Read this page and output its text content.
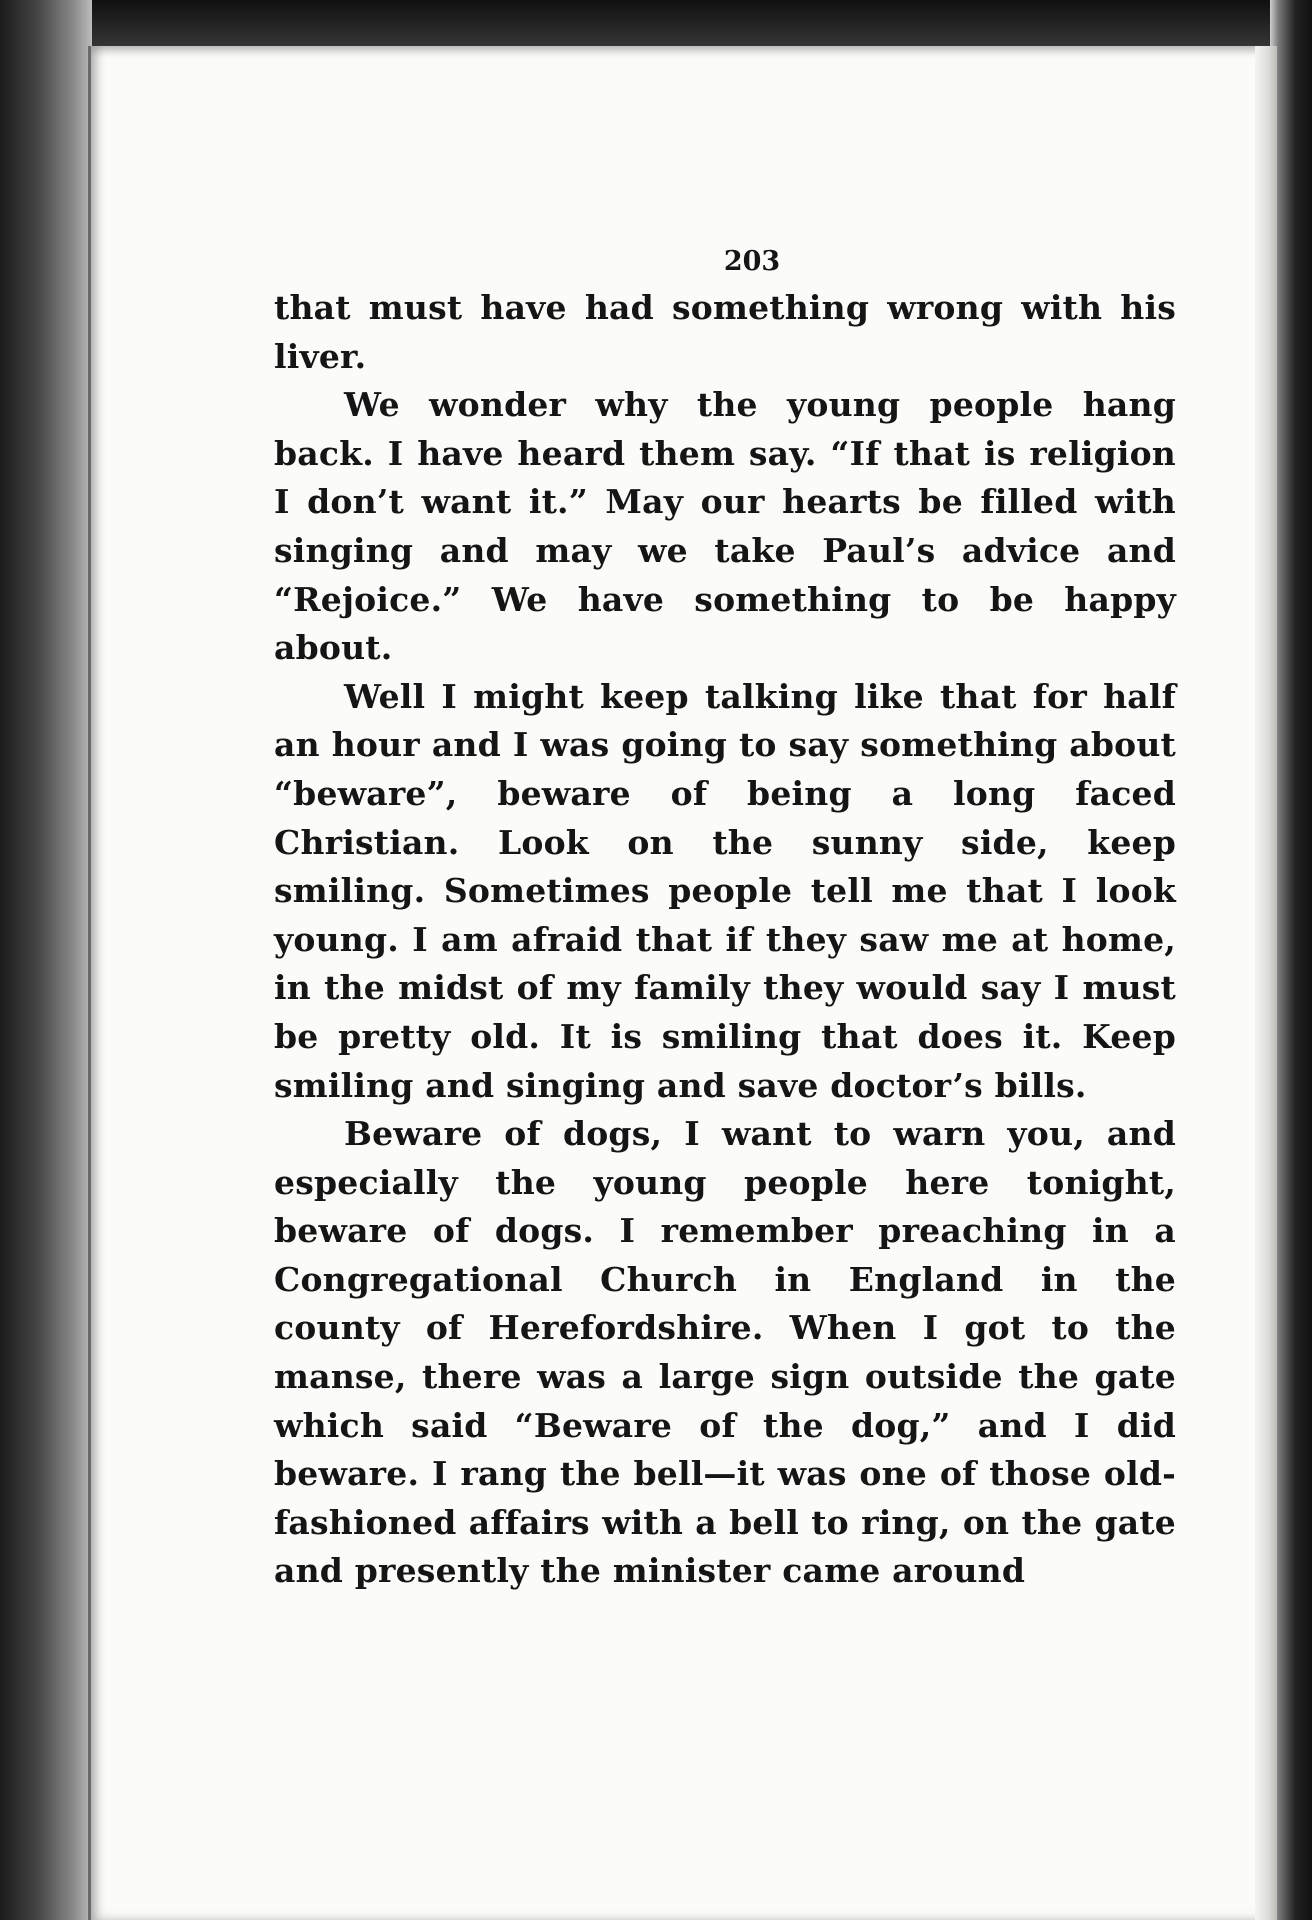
203

that must have had something wrong with his liver.

We wonder why the young people hang back. I have heard them say. “If that is religion I don’t want it.” May our hearts be filled with singing and may we take Paul’s advice and “Rejoice.” We have something to be happy about.

Well I might keep talking like that for half an hour and I was going to say something about “beware”, beware of being a long faced Christian. Look on the sunny side, keep smiling. Sometimes people tell me that I look young. I am afraid that if they saw me at home, in the midst of my family they would say I must be pretty old. It is smiling that does it. Keep smiling and singing and save doctor’s bills.

Beware of dogs, I want to warn you, and especially the young people here tonight, beware of dogs. I remember preaching in a Congregational Church in England in the county of Herefordshire. When I got to the manse, there was a large sign outside the gate which said “Beware of the dog,” and I did beware. I rang the bell—it was one of those old-fashioned affairs with a bell to ring, on the gate and presently the minister came around
